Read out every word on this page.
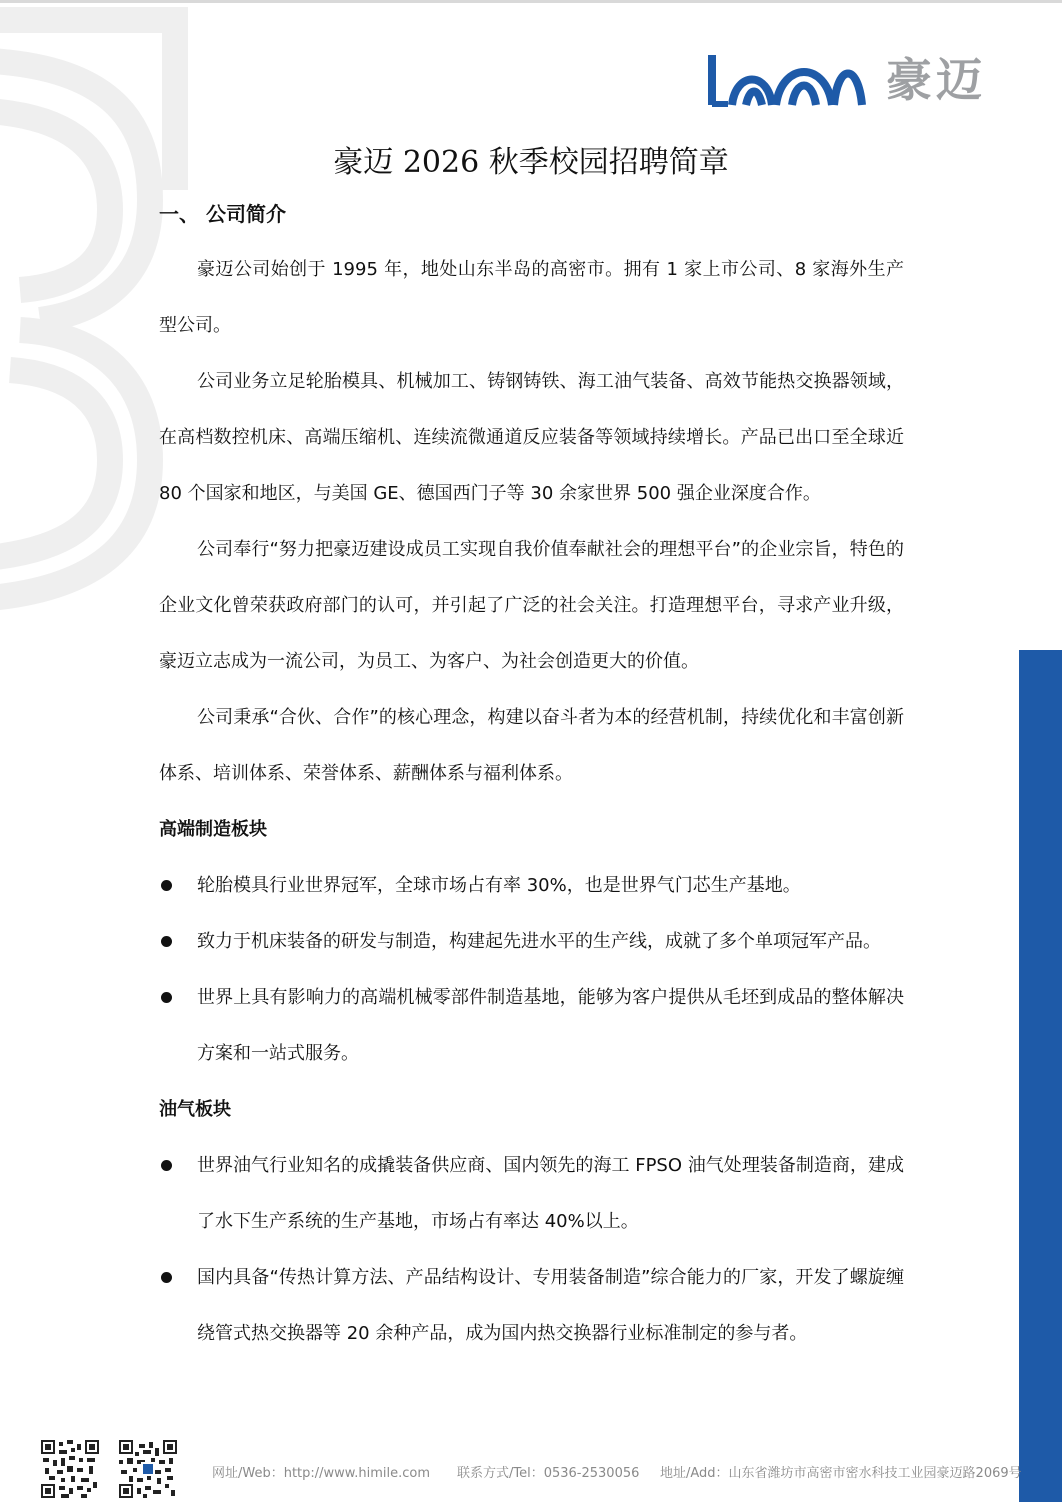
豪迈
豪迈 2026 秋季校园招聘简章
一、 公司简介

豪迈公司始创于 1995 年，地处山东半岛的高密市。拥有 1 家上市公司、8 家海外生产型公司。

公司业务立足轮胎模具、机械加工、铸钢铸铁、海工油气装备、高效节能热交换器领域，在高档数控机床、高端压缩机、连续流微通道反应装备等领域持续增长。产品已出口至全球近 80 个国家和地区，与美国 GE、德国西门子等 30 余家世界 500 强企业深度合作。

公司奉行“努力把豪迈建设成员工实现自我价值奉献社会的理想平台”的企业宗旨，特色的企业文化曾荣获政府部门的认可，并引起了广泛的社会关注。打造理想平台，寻求产业升级，豪迈立志成为一流公司，为员工、为客户、为社会创造更大的价值。

公司秉承“合伙、合作”的核心理念，构建以奋斗者为本的经营机制，持续优化和丰富创新体系、培训体系、荣誉体系、薪酬体系与福利体系。

高端制造板块
轮胎模具行业世界冠军，全球市场占有率 30%，也是世界气门芯生产基地。
致力于机床装备的研发与制造，构建起先进水平的生产线，成就了多个单项冠军产品。
世界上具有影响力的高端机械零部件制造基地，能够为客户提供从毛坯到成品的整体解决方案和一站式服务。
油气板块
世界油气行业知名的成撬装备供应商、国内领先的海工 FPSO 油气处理装备制造商，建成了水下生产系统的生产基地，市场占有率达 40%以上。
国内具备“传热计算方法、产品结构设计、专用装备制造”综合能力的厂家，开发了螺旋缠绕管式热交换器等 20 余种产品，成为国内热交换器行业标准制定的参与者。
网址/Web：http://www.himile.com 联系方式/Tel：0536-2530056 地址/Add：山东省潍坊市高密市密水科技工业园豪迈路2069号
